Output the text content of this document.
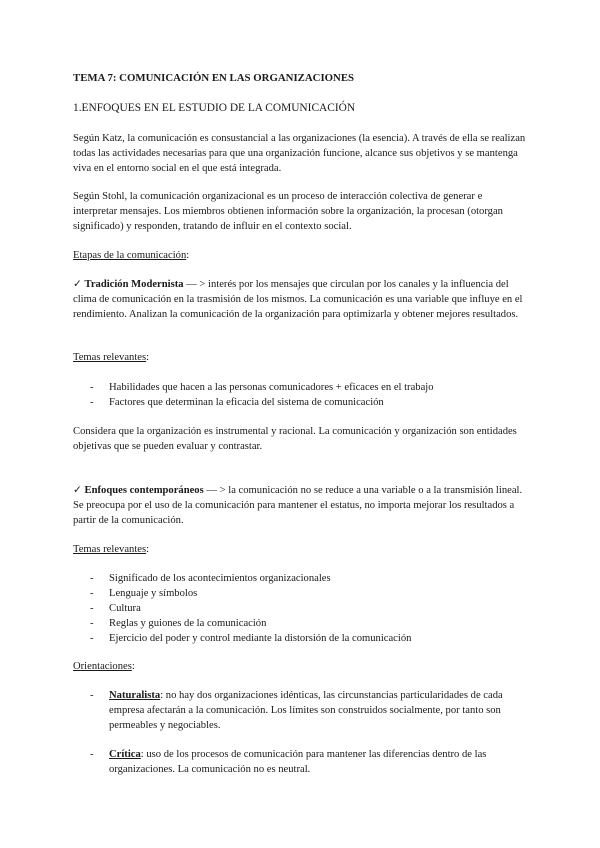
TEMA 7: COMUNICACIÓN EN LAS ORGANIZACIONES

1.ENFOQUES EN EL ESTUDIO DE LA COMUNICACIÓN

Según Katz, la comunicación es consustancial a las organizaciones (la esencia). A través de ella se realizan todas las actividades necesarias para que una organización funcione, alcance sus objetivos y se mantenga viva en el entorno social en el que está integrada.

Según Stohl, la comunicación organizacional es un proceso de interacción colectiva de generar e interpretar mensajes. Los miembros obtienen información sobre la organización, la procesan (otorgan significado) y responden, tratando de influir en el contexto social.

Etapas de la comunicación:

✓ Tradición Modernista — > interés por los mensajes que circulan por los canales y la influencia del clima de comunicación en la trasmisión de los mismos. La comunicación es una variable que influye en el rendimiento. Analizan la comunicación de la organización para optimizarla y obtener mejores resultados.

Temas relevantes:

- Habilidades que hacen a las personas comunicadores + eficaces en el trabajo
- Factores que determinan la eficacia del sistema de comunicación

Considera que la organización es instrumental y racional. La comunicación y organización son entidades objetivas que se pueden evaluar y contrastar.

✓ Enfoques contemporáneos — > la comunicación no se reduce a una variable o a la transmisión lineal. Se preocupa por el uso de la comunicación para mantener el estatus, no importa mejorar los resultados a partir de la comunicación.

Temas relevantes:

- Significado de los acontecimientos organizacionales
- Lenguaje y símbolos
- Cultura
- Reglas y guiones de la comunicación
- Ejercicio del poder y control mediante la distorsión de la comunicación

Orientaciones:

- Naturalista: no hay dos organizaciones idénticas, las circunstancias particularidades de cada empresa afectarán a la comunicación. Los límites son construidos socialmente, por tanto son permeables y negociables.
- Crítica: uso de los procesos de comunicación para mantener las diferencias dentro de las organizaciones. La comunicación no es neutral.
